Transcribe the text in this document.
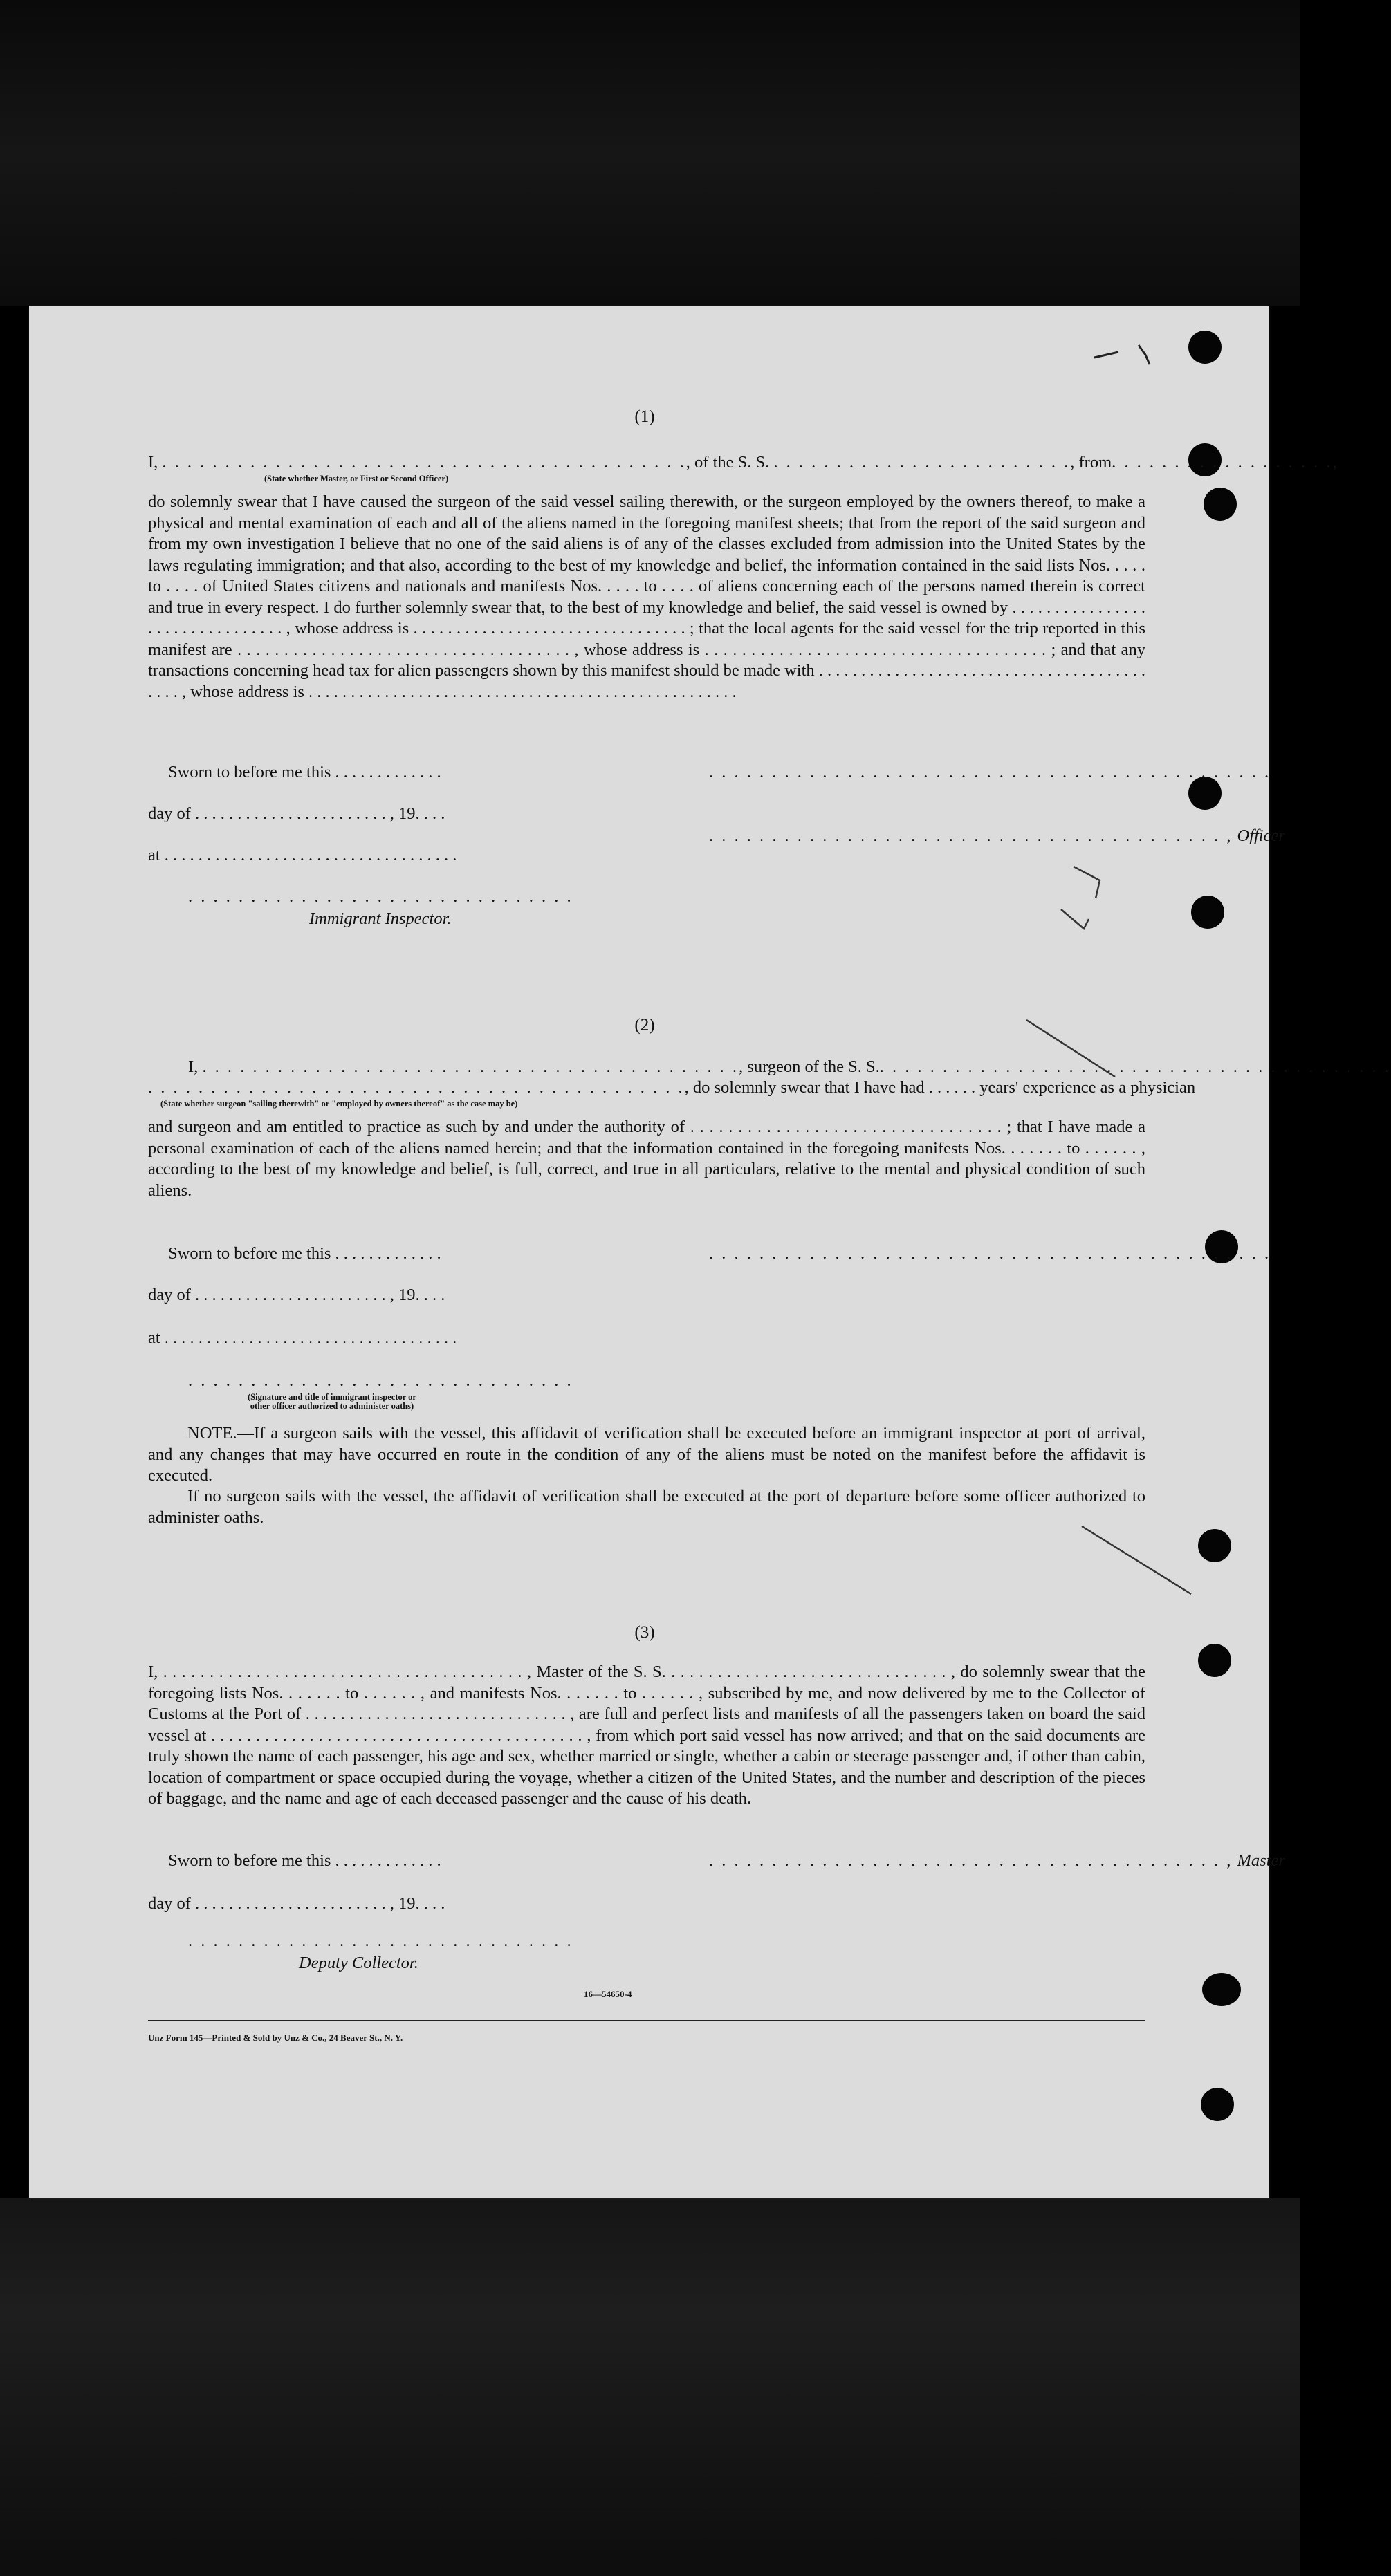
(1)
I, . . . . . . . . . . . . . . . . . . . . . . . . . . . . . . . . . . . . . . . . . ., of the S. S. . . . . . . . . . . . . . . . . . . . . . . . ., from. . . . . . . . . . . . . . . . . .,
(State whether Master, or First or Second Officer)
do solemnly swear that I have caused the surgeon of the said vessel sailing therewith, or the surgeon employed by the owners thereof, to make a physical and mental examination of each and all of the aliens named in the foregoing manifest sheets; that from the report of the said surgeon and from my own investigation I believe that no one of the said aliens is of any of the classes excluded from admission into the United States by the laws regulating immigration; and that also, according to the best of my knowledge and belief, the information contained in the said lists Nos. . . . . to . . . . of United States citizens and nationals and manifests Nos. . . . . to . . . . of aliens concerning each of the persons named therein is correct and true in every respect. I do further solemnly swear that, to the best of my knowledge and belief, the said vessel is owned by . . . . . . . . . . . . . . . . . . . . . . . . . . . . . . . . , whose address is . . . . . . . . . . . . . . . . . . . . . . . . . . . . . . . . ; that the local agents for the said vessel for the trip reported in this manifest are . . . . . . . . . . . . . . . . . . . . . . . . . . . . . . . . . . . . , whose address is . . . . . . . . . . . . . . . . . . . . . . . . . . . . . . . . . . . . . ; and that any transactions concerning head tax for alien passengers shown by this manifest should be made with . . . . . . . . . . . . . . . . . . . . . . . . . . . . . . . . . . . . . . . . . . . , whose address is . . . . . . . . . . . . . . . . . . . . . . . . . . . . . . . . . . . . . . . . . . . . . . . . . . .
Sworn to before me this . . . . . . . . . . . . .	. . . . . . . . . . . . . . . . . . . . . . . . . . . . . . . . . . . . . . . . . . . . .
day of . . . . . . . . . . . . . . . . . . . . . . . , 19. . . .
. . . . . . . . . . . . . . . . . . . . . . . . . . . . . . . . . . . . . . . . . , Officer
at . . . . . . . . . . . . . . . . . . . . . . . . . . . . . . . . . . .
. . . . . . . . . . . . . . . . . . . . . . . . . . . . . . .
Immigrant Inspector.
(2)
I, . . . . . . . . . . . . . . . . . . . . . . . . . . . . . . . . . . . . . . . . . . ., surgeon of the S. S.. . . . . . . . . . . . . . . . . . . . . . . . . . . . . . . . . . . . . . . . .
. . . . . . . . . . . . . . . . . . . . . . . . . . . . . . . . . . . . . . . . . . ., do solemnly swear that I have had . . . . . . years' experience as a physician
(State whether surgeon "sailing therewith" or "employed by owners thereof" as the case may be)
and surgeon and am entitled to practice as such by and under the authority of . . . . . . . . . . . . . . . . . . . . . . . . . . . . . . . . . ; that I have made a personal examination of each of the aliens named herein; and that the information contained in the foregoing manifests Nos. . . . . . . to . . . . . . , according to the best of my knowledge and belief, is full, correct, and true in all particulars, relative to the mental and physical condition of such aliens.
Sworn to before me this . . . . . . . . . . . . .	. . . . . . . . . . . . . . . . . . . . . . . . . . . . . . . . . . . . . . . . . . . . .
day of . . . . . . . . . . . . . . . . . . . . . . . , 19. . . .
at . . . . . . . . . . . . . . . . . . . . . . . . . . . . . . . . . . .
. . . . . . . . . . . . . . . . . . . . . . . . . . . . . . .
(Signature and title of immigrant inspector or
other officer authorized to administer oaths)
NOTE.—If a surgeon sails with the vessel, this affidavit of verification shall be executed before an immigrant inspector at port of arrival, and any changes that may have occurred en route in the condition of any of the aliens must be noted on the manifest before the affidavit is executed.
If no surgeon sails with the vessel, the affidavit of verification shall be executed at the port of departure before some officer authorized to administer oaths.
(3)
I, . . . . . . . . . . . . . . . . . . . . . . . . . . . . . . . . . . . . . . . , Master of the S. S. . . . . . . . . . . . . . . . . . . . . . . . . . . . . . . , do solemnly swear that the foregoing lists Nos. . . . . . . to . . . . . . , and manifests Nos. . . . . . . to . . . . . . , subscribed by me, and now delivered by me to the Collector of Customs at the Port of . . . . . . . . . . . . . . . . . . . . . . . . . . . . . . , are full and perfect lists and manifests of all the passengers taken on board the said vessel at . . . . . . . . . . . . . . . . . . . . . . . . . . . . . . . . . . . . . . . . . . , from which port said vessel has now arrived; and that on the said documents are truly shown the name of each passenger, his age and sex, whether married or single, whether a cabin or steerage passenger and, if other than cabin, location of compartment or space occupied during the voyage, whether a citizen of the United States, and the number and description of the pieces of baggage, and the name and age of each deceased passenger and the cause of his death.
Sworn to before me this . . . . . . . . . . . . .	. . . . . . . . . . . . . . . . . . . . . . . . . . . . . . . . . . . . . . . . . , Master
day of . . . . . . . . . . . . . . . . . . . . . . . , 19. . . .
. . . . . . . . . . . . . . . . . . . . . . . . . . . . . . .
Deputy Collector.
16—54650-4
Unz Form 145—Printed & Sold by Unz & Co., 24 Beaver St., N. Y.
